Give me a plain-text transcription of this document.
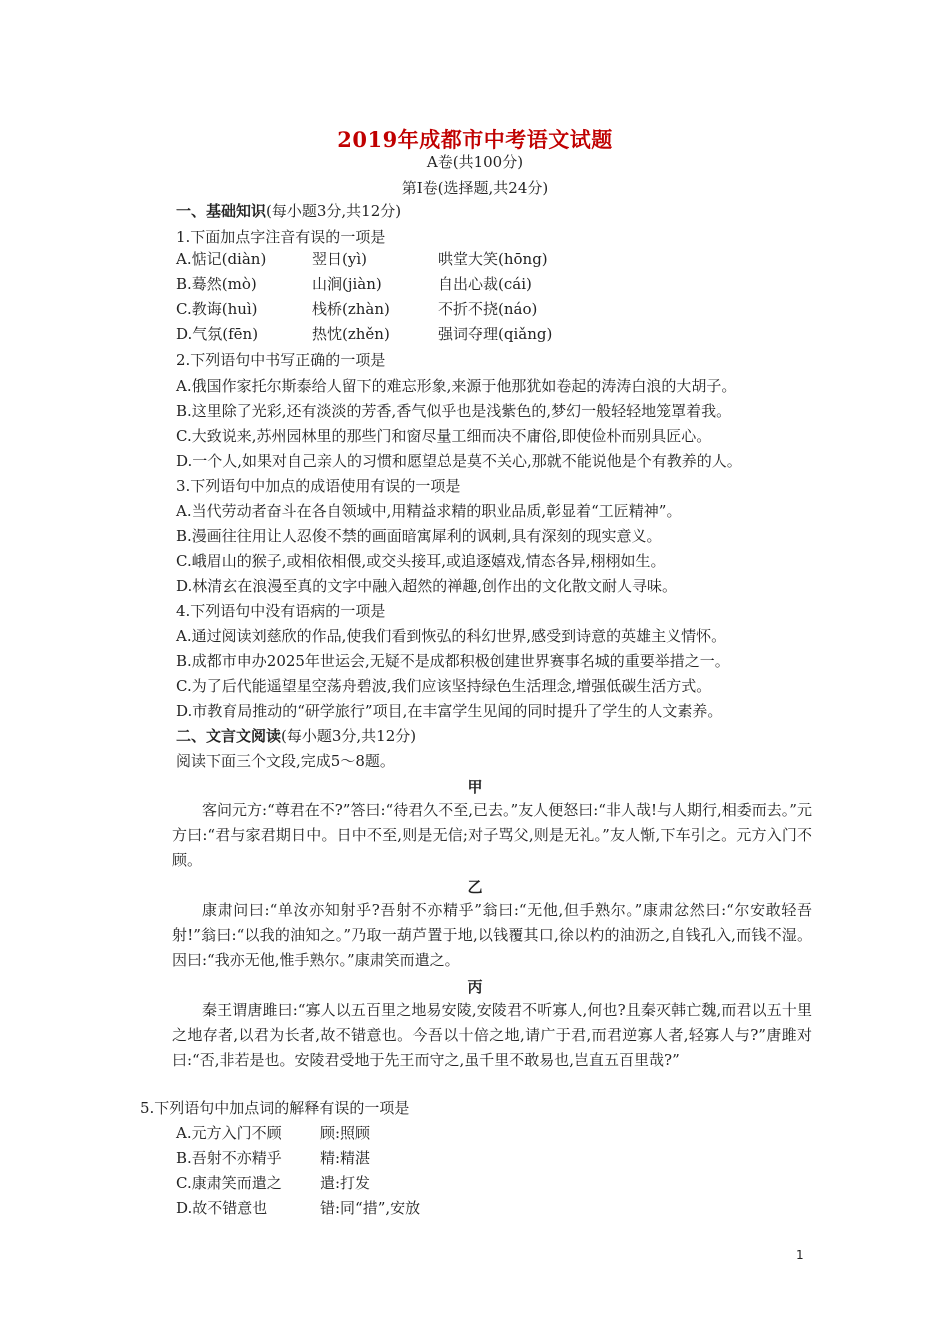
2019年成都市中考语文试题
A卷(共100分)
第Ⅰ卷(选择题,共24分)
一、基础知识(每小题3分,共12分)
1.下面加点字注音有误的一项是
A.惦记(diàn)	翌日(yì)	哄堂大笑(hōng)
B.蓦然(mò)	山涧(jiàn)	自出心裁(cái)
C.教诲(huì)	栈桥(zhàn)	不折不挠(náo)
D.气氛(fēn)	热忱(zhěn)	强词夺理(qiǎng)
2.下列语句中书写正确的一项是
A.俄国作家托尔斯泰给人留下的难忘形象,来源于他那犹如卷起的涛涛白浪的大胡子。
B.这里除了光彩,还有淡淡的芳香,香气似乎也是浅紫色的,梦幻一般轻轻地笼罩着我。
C.大致说来,苏州园林里的那些门和窗尽量工细而决不庸俗,即使俭朴而别具匠心。
D.一个人,如果对自己亲人的习惯和愿望总是莫不关心,那就不能说他是个有教养的人。
3.下列语句中加点的成语使用有误的一项是
A.当代劳动者奋斗在各自领域中,用精益求精的职业品质,彰显着“工匠精神”。
B.漫画往往用让人忍俊不禁的画面暗寓犀利的讽刺,具有深刻的现实意义。
C.峨眉山的猴子,或相依相偎,或交头接耳,或追逐嬉戏,情态各异,栩栩如生。
D.林清玄在浪漫至真的文字中融入超然的禅趣,创作出的文化散文耐人寻味。
4.下列语句中没有语病的一项是
A.通过阅读刘慈欣的作品,使我们看到恢弘的科幻世界,感受到诗意的英雄主义情怀。
B.成都市申办2025年世运会,无疑不是成都积极创建世界赛事名城的重要举措之一。
C.为了后代能遥望星空荡舟碧波,我们应该坚持绿色生活理念,增强低碳生活方式。
D.市教育局推动的“研学旅行”项目,在丰富学生见闻的同时提升了学生的人文素养。
二、文言文阅读(每小题3分,共12分)
阅读下面三个文段,完成5～8题。
甲
客问元方:“尊君在不?”答曰:“待君久不至,已去。”友人便怒曰:“非人哉!与人期行,相委而去。”元方曰:“君与家君期日中。日中不至,则是无信;对子骂父,则是无礼。”友人惭,下车引之。元方入门不顾。
乙
康肃问曰:“单汝亦知射乎?吾射不亦精乎”翁曰:“无他,但手熟尔。”康肃忿然曰:“尔安敢轻吾射!”翁曰:“以我的油知之。”乃取一葫芦置于地,以钱覆其口,徐以杓的油沥之,自钱孔入,而钱不湿。因曰:“我亦无他,惟手熟尔。”康肃笑而遣之。
丙
秦王谓唐雎曰:“寡人以五百里之地易安陵,安陵君不听寡人,何也?且秦灭韩亡魏,而君以五十里之地存者,以君为长者,故不错意也。今吾以十倍之地,请广于君,而君逆寡人者,轻寡人与?”唐雎对曰:“否,非若是也。安陵君受地于先王而守之,虽千里不敢易也,岂直五百里哉?”
5.下列语句中加点词的解释有误的一项是
A.元方入门不顾	顾:照顾
B.吾射不亦精乎	精:精湛
C.康肃笑而遣之	遣:打发
D.故不错意也	错:同“措”,安放
1
